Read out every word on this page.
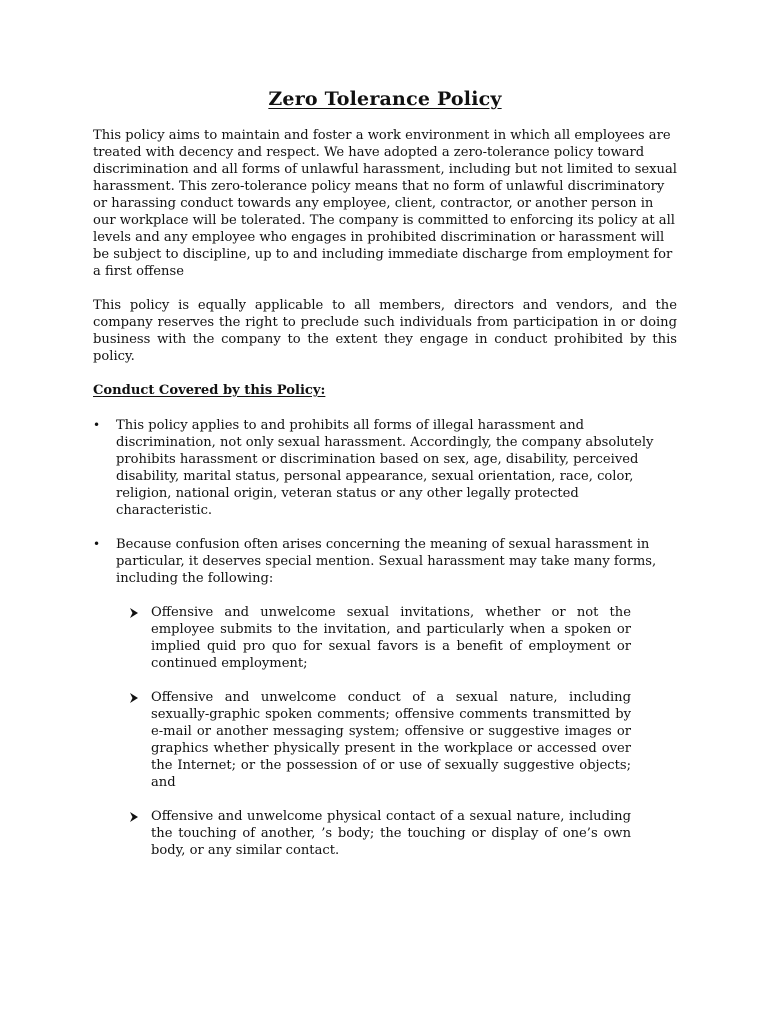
Zero Tolerance Policy

This policy aims to maintain and foster a work environment in which all employees are treated with decency and respect. We have adopted a zero-tolerance policy toward discrimination and all forms of unlawful harassment, including but not limited to sexual harassment. This zero-tolerance policy means that no form of unlawful discriminatory or harassing conduct towards any employee, client, contractor, or another person in our workplace will be tolerated. The company is committed to enforcing its policy at all levels and any employee who engages in prohibited discrimination or harassment will be subject to discipline, up to and including immediate discharge from employment for a first offense

This policy is equally applicable to all members, directors and vendors, and the company reserves the right to preclude such individuals from participation in or doing business with the company to the extent they engage in conduct prohibited by this policy.

Conduct Covered by this Policy:
•	This policy applies to and prohibits all forms of illegal harassment and discrimination, not only sexual harassment. Accordingly, the company absolutely prohibits harassment or discrimination based on sex, age, disability, perceived disability, marital status, personal appearance, sexual orientation, race, color, religion, national origin, veteran status or any other legally protected characteristic.
•	Because confusion often arises concerning the meaning of sexual harassment in particular, it deserves special mention. Sexual harassment may take many forms, including the following:
Offensive and unwelcome sexual invitations, whether or not the employee submits to the invitation, and particularly when a spoken or implied quid pro quo for sexual favors is a benefit of employment or continued employment;
Offensive and unwelcome conduct of a sexual nature, including sexually-graphic spoken comments; offensive comments transmitted by e-mail or another messaging system; offensive or suggestive images or graphics whether physically present in the workplace or accessed over the Internet; or the possession of or use of sexually suggestive objects; and
Offensive and unwelcome physical contact of a sexual nature, including the touching of another, ’s body; the touching or display of one’s own body, or any similar contact.
